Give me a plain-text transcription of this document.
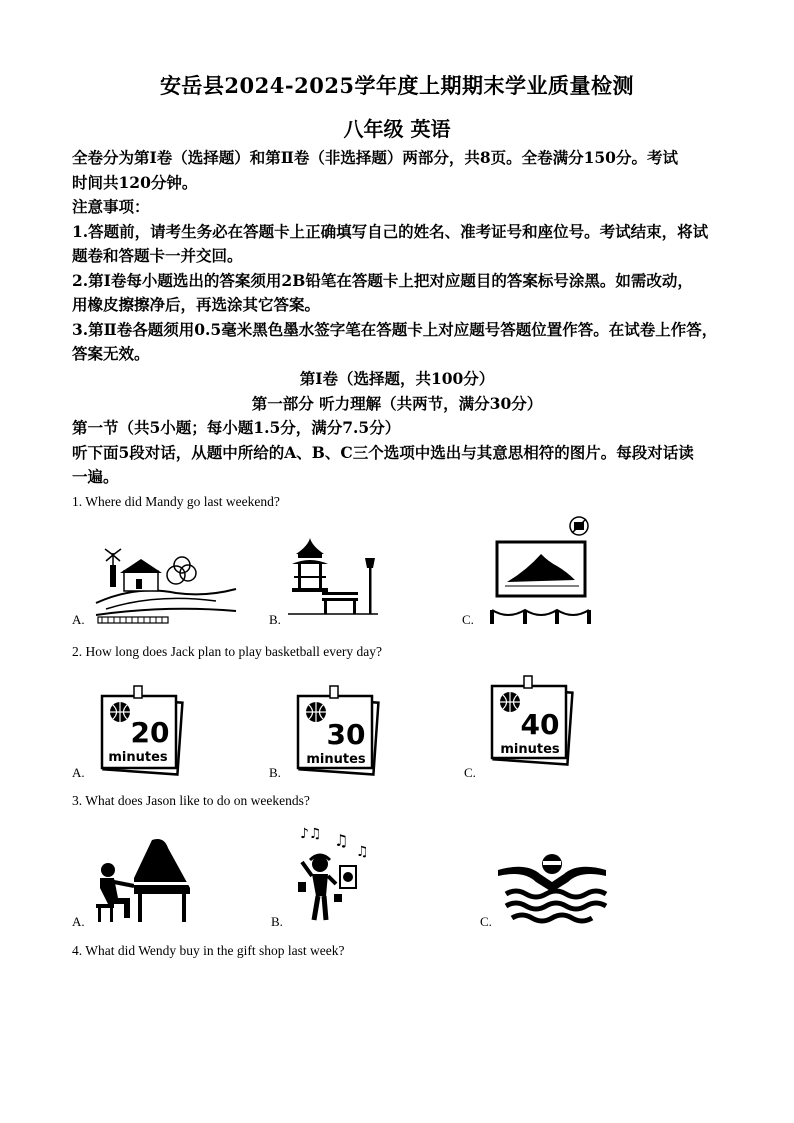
安岳县2024-2025学年度上期期末学业质量检测
八年级 英语
全卷分为第Ⅰ卷（选择题）和第Ⅱ卷（非选择题）两部分，共8页。全卷满分150分。考试
时间共120分钟。
注意事项：
1.答题前，请考生务必在答题卡上正确填写自己的姓名、准考证号和座位号。考试结束，将试
题卷和答题卡一并交回。
2.第Ⅰ卷每小题选出的答案须用2B铅笔在答题卡上把对应题目的答案标号涂黑。如需改动，
用橡皮擦擦净后，再选涂其它答案。
3.第Ⅱ卷各题须用0.5毫米黑色墨水签字笔在答题卡上对应题号答题位置作答。在试卷上作答，
答案无效。
第Ⅰ卷（选择题，共100分）
第一部分 听力理解（共两节，满分30分）
第一节（共5小题；每小题1.5分，满分7.5分）
听下面5段对话，从题中所给的A、B、C三个选项中选出与其意思相符的图片。每段对话读
一遍。
1. Where did Mandy go last weekend?
A.	B.	C.
2. How long does Jack plan to play basketball every day?
A.	B.	C.
20
minutes
30
minutes
40
minutes
3. What does Jason like to do on weekends?
A.	B.	C.
♪♫ ♫
♫
4. What did Wendy buy in the gift shop last week?
